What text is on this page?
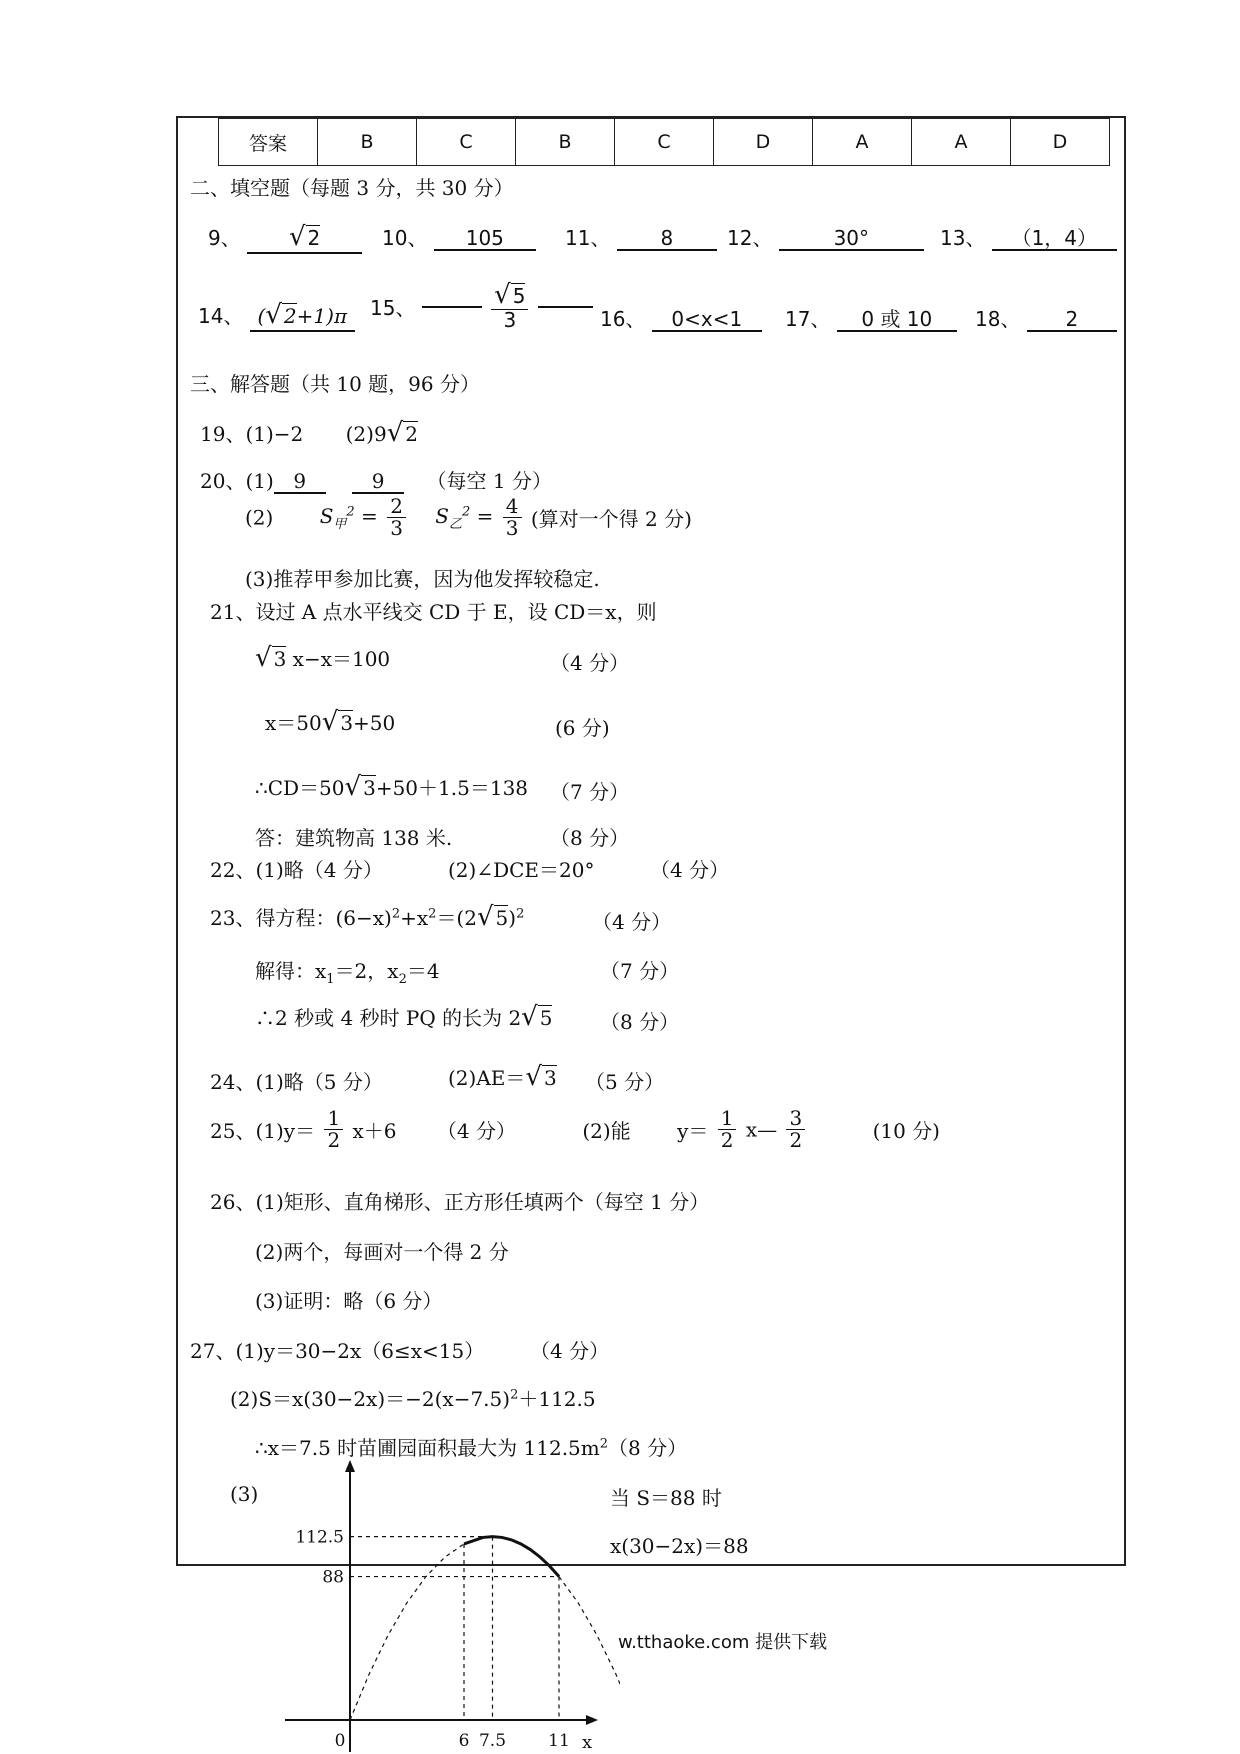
答案	B	C	B	C	D	A	A	D
二、填空题（每题 3 分，共 30 分）
9、 √ 2	10、 105	11、 8	12、	30°	13、 （1，4）
14、 (√ 2+1)π	15、	$\frac{√ 5}{3}$
	16、 0<x<1	17、 0 或 10	18、 2
三、解答题（共 10 题，96 分）
19、(1)−2 (2)9√ 2
20、(1) 9	9 （每空 1 分）
(2) $S_甲^2 = \frac{2}{3} S_乙^2 = \frac{4}{3}$ (算对一个得 2 分)
(3)推荐甲参加比赛，因为他发挥较稳定.
21、设过 A 点水平线交 CD 于 E，设 CD＝x，则
√ 3 x−x＝100	（4 分）
x＝50√ 3+50	(6 分)
∴CD＝50√ 3+50＋1.5＝138 （7 分）
答：建筑物高 138 米.	（8 分）
22、(1)略（4 分）	(2)∠DCE＝20°	（4 分）
23、得方程：$(6-x)^2+x^2=(2√$ 5)$^2$	（4 分）
解得：$x_1=2$，$x_2=4$	（7 分）
∴2 秒或 4 秒时 PQ 的长为 2√ 5 （8 分）
24、(1)略（5 分）	(2)AE＝√ 3 （5 分）
25、$(1)y= \frac{1}{2} x+6$ （4 分）	(2)能 $y= \frac{1}{2}$ x— $\frac{3}{2}$	(10 分)
26、(1)矩形、直角梯形、正方形任填两个（每空 1 分）
(2)两个，每画对一个得 2 分
(3)证明：略（6 分）
27、(1)y＝30−2x（6≤x<15） （4 分）
$(2)S=x(30-2x)=-2(x-7.5)^2+112.5$
∴x＝7.5 时苗圃园面积最大为 $112.5m^2(8$ 分）
(3)	当 S＝88 时
x(30−2x)＝88
w.tthaoke.com 提供下载
0	6 7.5 11
112.5
88
x
